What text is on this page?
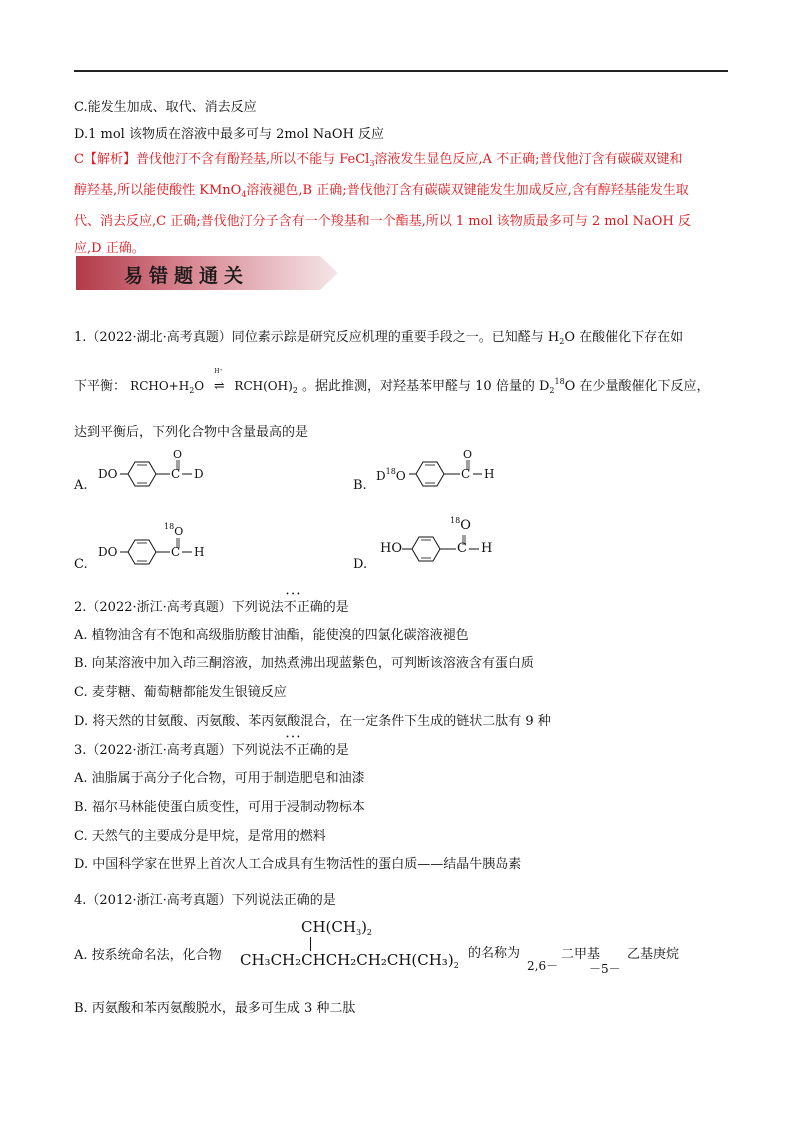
C.能发生加成、取代、消去反应
D.1 mol 该物质在溶液中最多可与 2mol NaOH 反应
C【解析】普伐他汀不含有酚羟基,所以不能与 FeCl$_3$溶液发生显色反应,A 不正确;普伐他汀含有碳碳双键和
醇羟基,所以能使酸性 KMnO$_4$溶液褪色,B 正确;普伐他汀含有碳碳双键能发生加成反应,含有醇羟基能发生取
代、消去反应,C 正确;普伐他汀分子含有一个羧基和一个酯基,所以 1 mol 该物质最多可与 2 mol NaOH 反
应,D 正确。
易错题通关
1.（2022·湖北·高考真题）同位素示踪是研究反应机理的重要手段之一。已知醛与 $H_2O$ 在酸催化下存在如
下平衡： $RCHO+H_2O$
H⁺
⇌ $RCH(OH)_2$ 。据此推测，对羟基苯甲醛与 10 倍量的 $D_2^{18}O$ 在少量酸催化下反应，
达到平衡后，下列化合物中含量最高的是
A.
DO
O
C D
B.
$D^{18}O$
O
C H
C.
DO
$^{18}$O
C H
D.
HO
$^{18}$O
C H
2.（2022·浙江·高考真题）下列说法不正确 • • •的是
A. 植物油含有不饱和高级脂肪酸甘油酯，能使溴的四氯化碳溶液褪色
B. 向某溶液中加入茚三酮溶液，加热煮沸出现蓝紫色，可判断该溶液含有蛋白质
C. 麦芽糖、葡萄糖都能发生银镜反应
D. 将天然的甘氨酸、丙氨酸、苯丙氨酸混合，在一定条件下生成的链状二肽有 9 种
3.（2022·浙江·高考真题）下列说法不正确 • • •的是
A. 油脂属于高分子化合物，可用于制造肥皂和油漆
B. 福尔马林能使蛋白质变性，可用于浸制动物标本
C. 天然气的主要成分是甲烷，是常用的燃料
D. 中国科学家在世界上首次人工合成具有生物活性的蛋白质——结晶牛胰岛素
4.（2012·浙江·高考真题）下列说法正确的是
A. 按系统命名法，化合物
$CH(CH_3)_2$
$CH_3CH_2CHCH_2CH_2CH(CH_3)_2$
的名称为
2,6－
二甲基
－5－
乙基庚烷
B. 丙氨酸和苯丙氨酸脱水，最多可生成 3 种二肽
